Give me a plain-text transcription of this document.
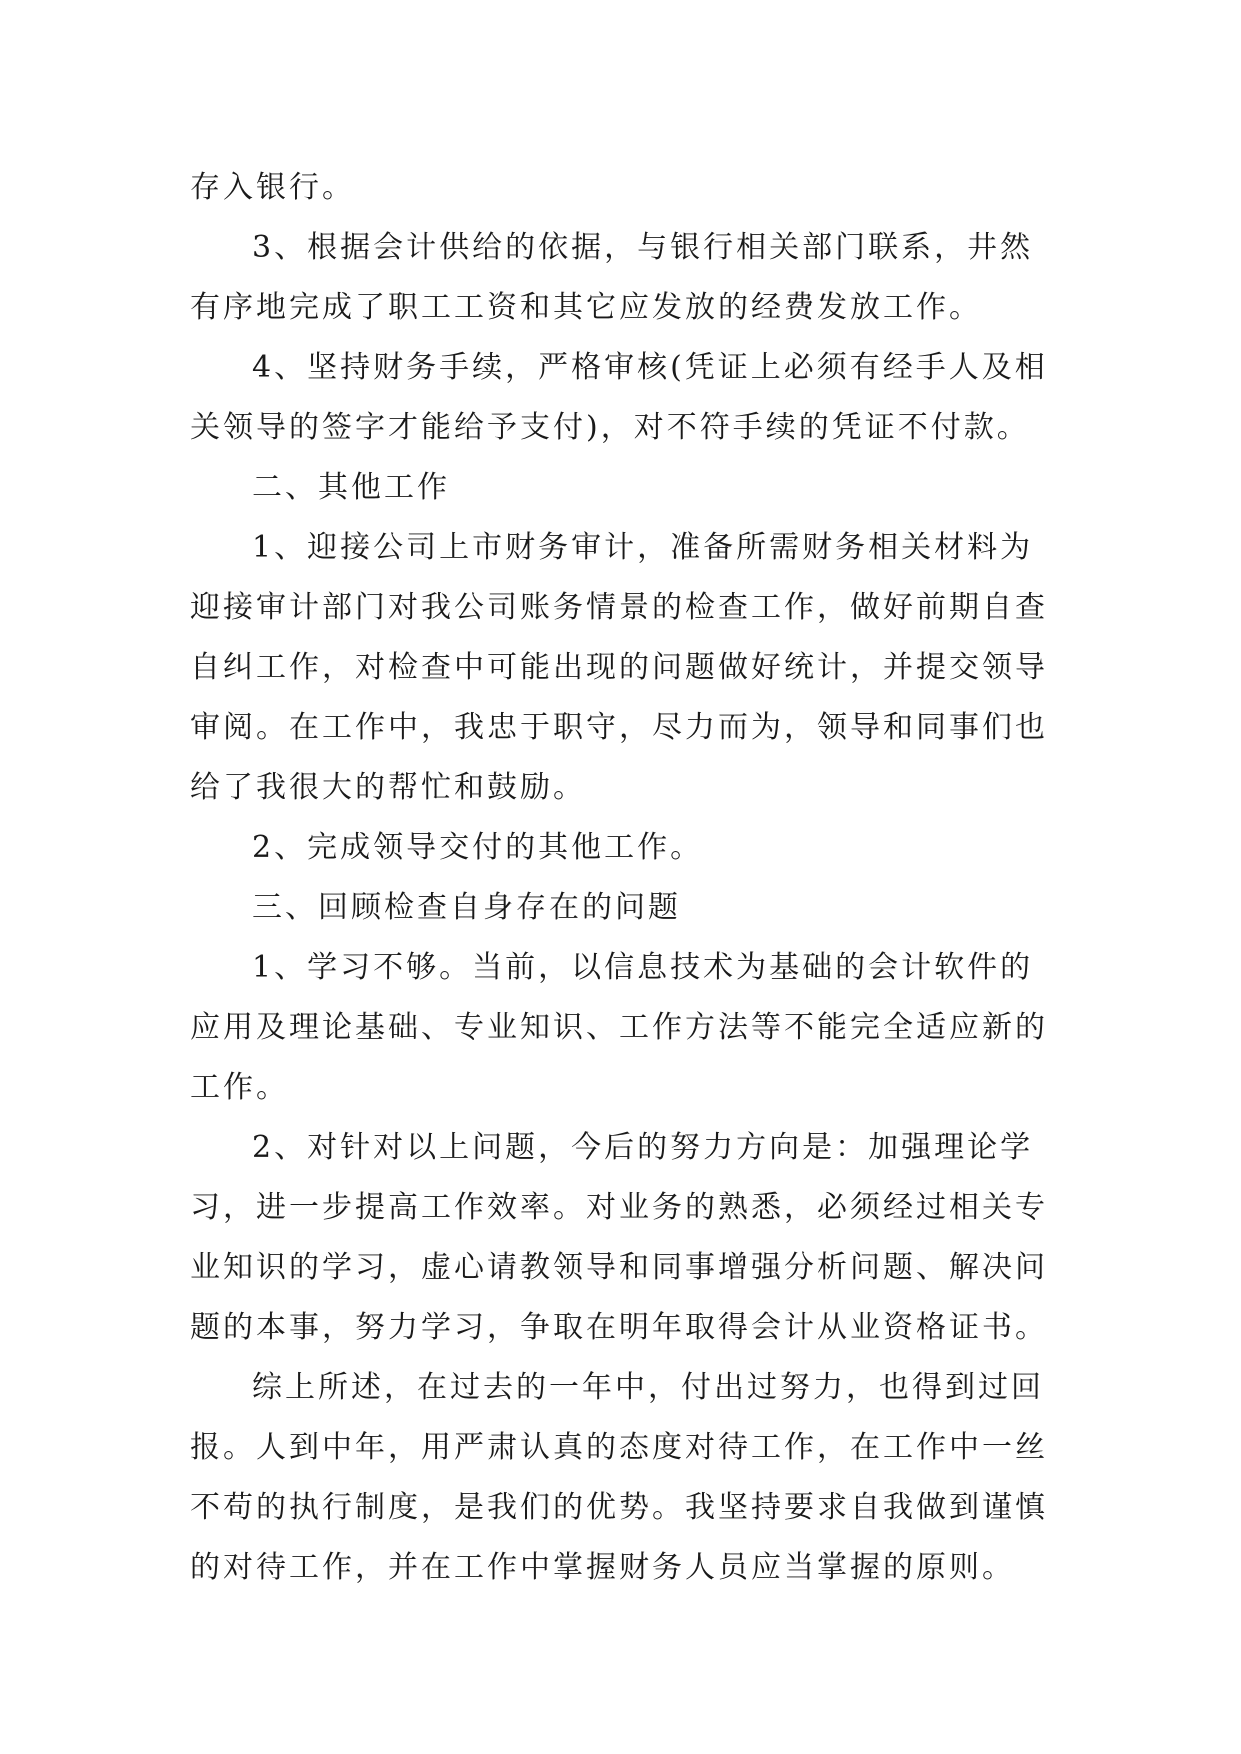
存入银行。
3、根据会计供给的依据，与银行相关部门联系，井然
有序地完成了职工工资和其它应发放的经费发放工作。
4、坚持财务手续，严格审核(凭证上必须有经手人及相
关领导的签字才能给予支付)，对不符手续的凭证不付款。
二、其他工作
1、迎接公司上市财务审计，准备所需财务相关材料为
迎接审计部门对我公司账务情景的检查工作，做好前期自查
自纠工作，对检查中可能出现的问题做好统计，并提交领导
审阅。在工作中，我忠于职守，尽力而为，领导和同事们也
给了我很大的帮忙和鼓励。
2、完成领导交付的其他工作。
三、回顾检查自身存在的问题
1、学习不够。当前，以信息技术为基础的会计软件的
应用及理论基础、专业知识、工作方法等不能完全适应新的
工作。
2、对针对以上问题，今后的努力方向是：加强理论学
习，进一步提高工作效率。对业务的熟悉，必须经过相关专
业知识的学习，虚心请教领导和同事增强分析问题、解决问
题的本事，努力学习，争取在明年取得会计从业资格证书。
综上所述，在过去的一年中，付出过努力，也得到过回
报。人到中年，用严肃认真的态度对待工作，在工作中一丝
不苟的执行制度，是我们的优势。我坚持要求自我做到谨慎
的对待工作，并在工作中掌握财务人员应当掌握的原则。
